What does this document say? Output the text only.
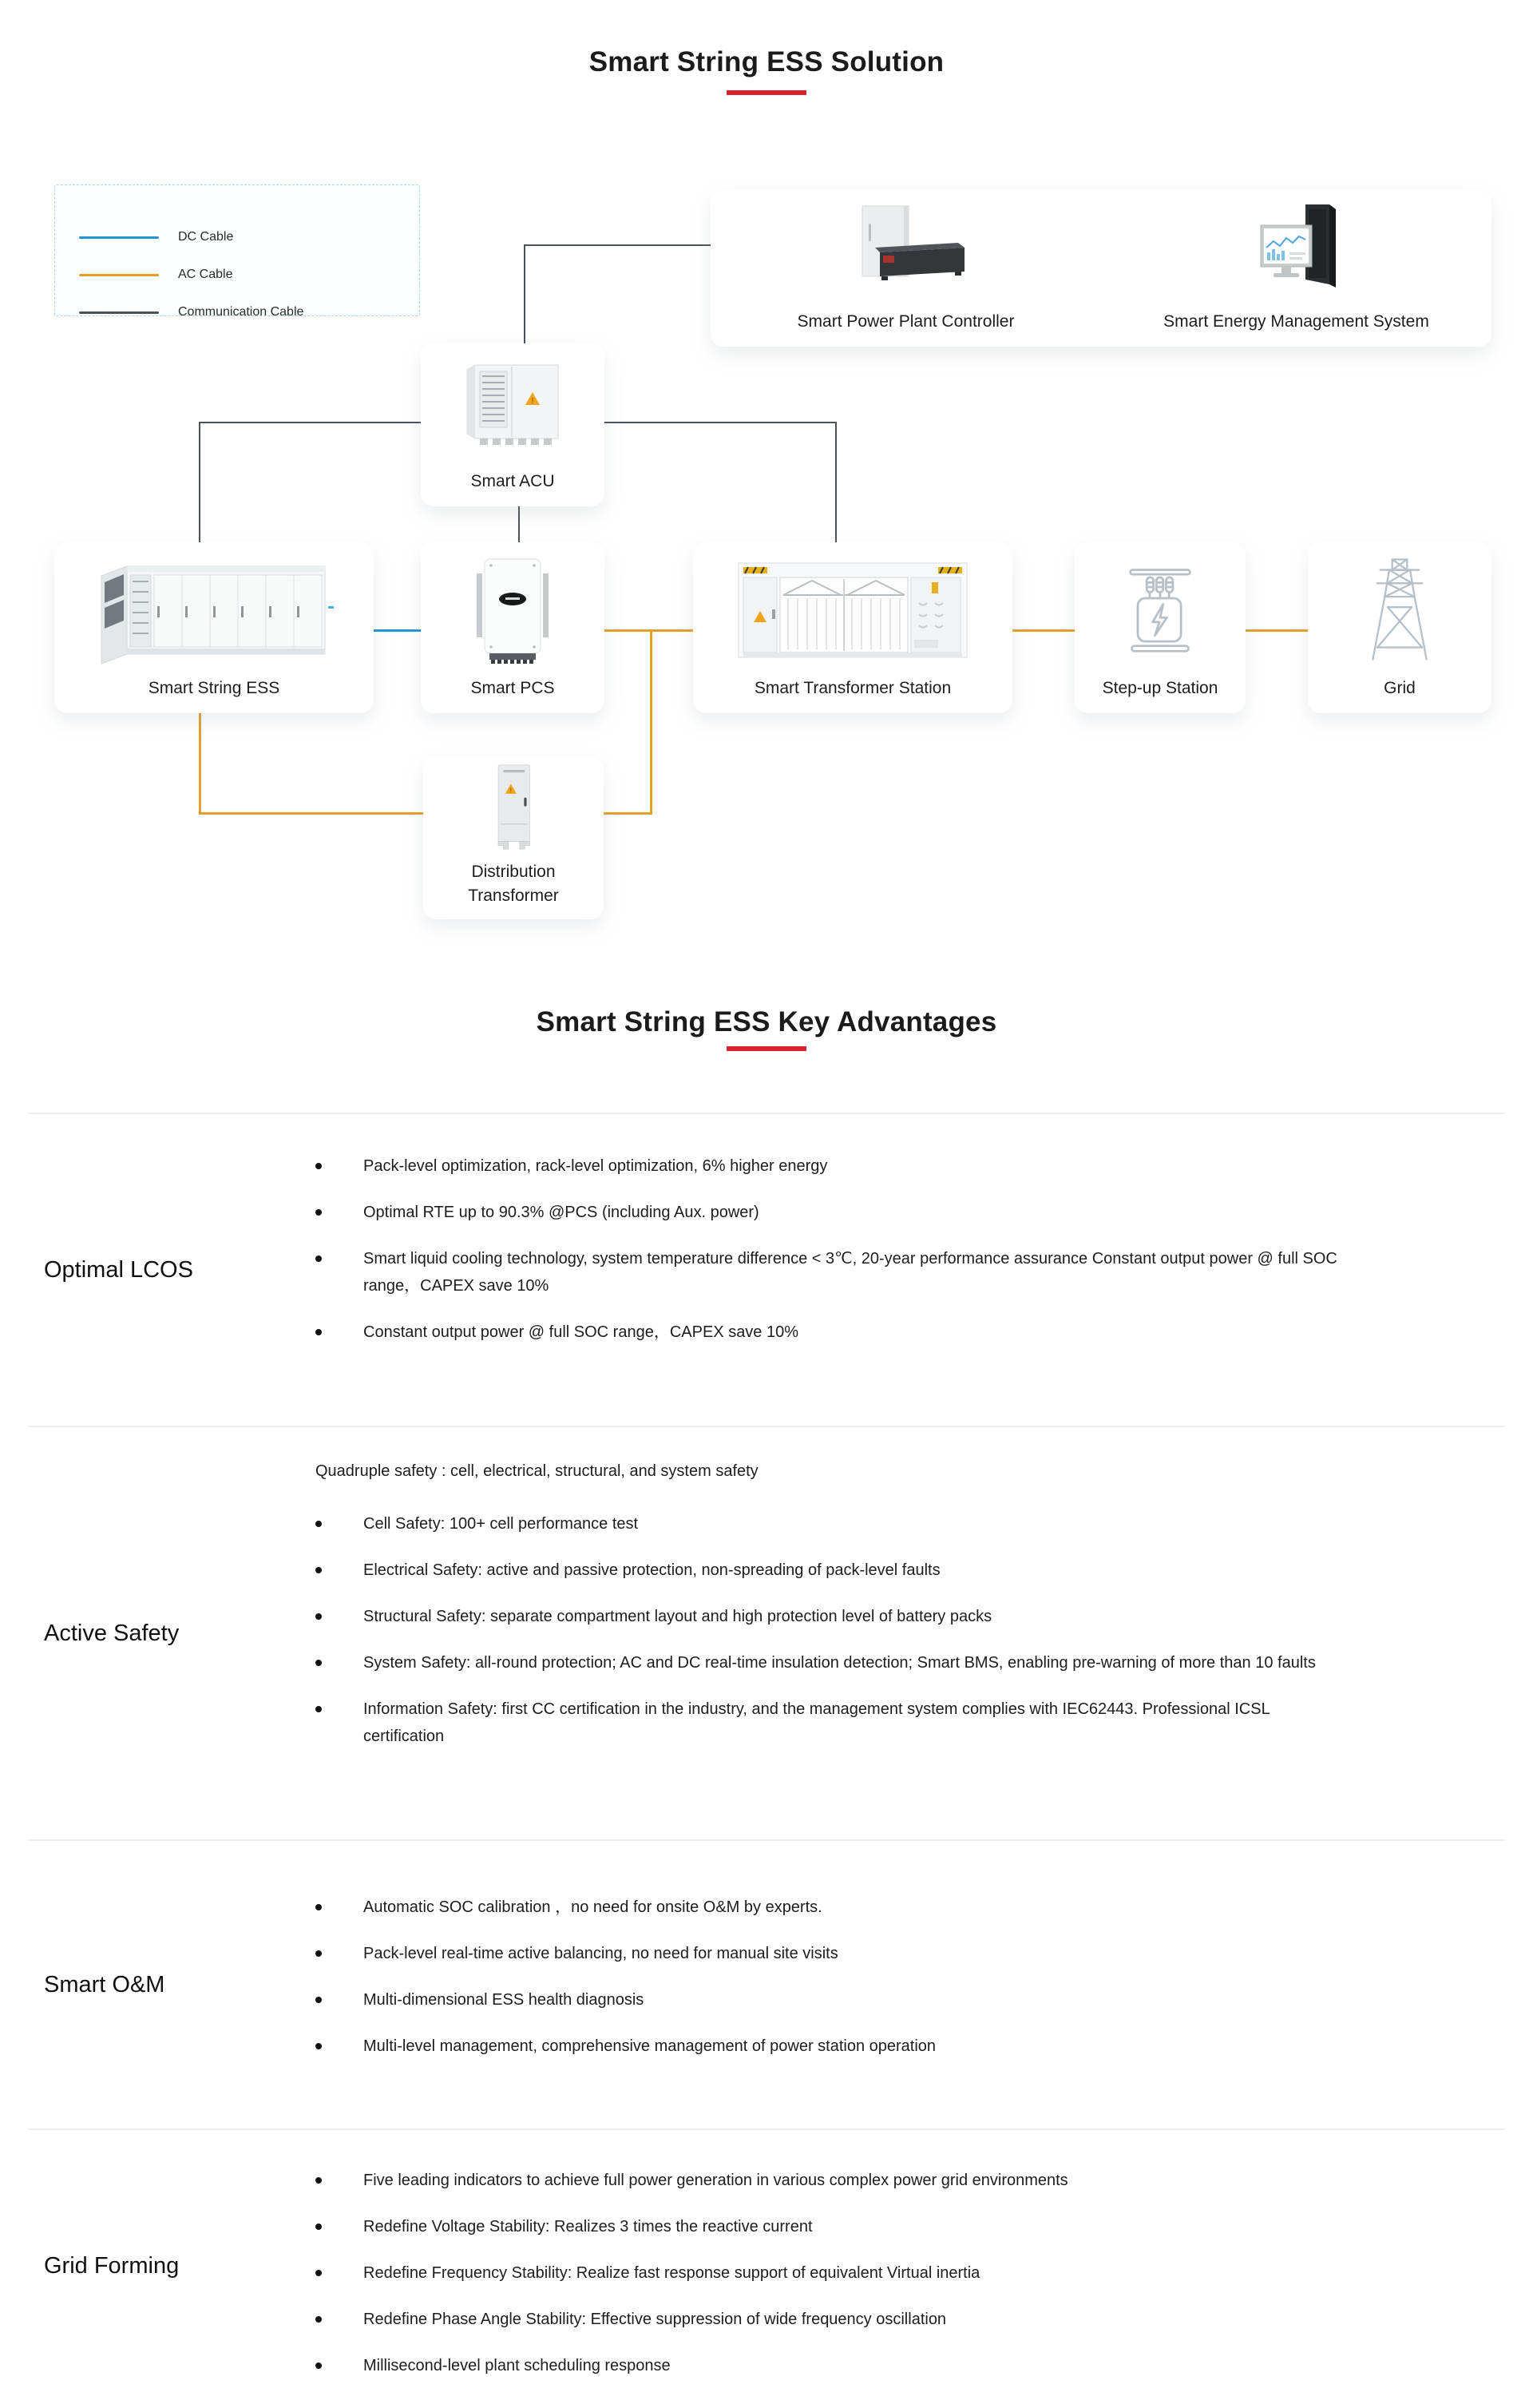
Smart String ESS Solution
DC Cable
AC Cable
Communication Cable
Smart Power Plant Controller	Smart Energy Management System
!
Smart ACU
Smart String ESS	Smart PCS	Smart Transformer Station	Step-up Station	Grid
!
Distribution
Transformer
Smart String ESS Key Advantages
Optimal LCOS
Pack-level optimization, rack-level optimization, 6% higher energy
Optimal RTE up to 90.3% @PCS (including Aux. power)
Smart liquid cooling technology, system temperature difference < 3℃, 20-year performance assurance Constant output power @ full SOC range，CAPEX save 10%
Constant output power @ full SOC range，CAPEX save 10%
Active Safety

Quadruple safety : cell, electrical, structural, and system safety

Cell Safety: 100+ cell performance test
Electrical Safety: active and passive protection, non-spreading of pack-level faults
Structural Safety: separate compartment layout and high protection level of battery packs
System Safety: all-round protection; AC and DC real-time insulation detection; Smart BMS, enabling pre-warning of more than 10 faults
Information Safety: first CC certification in the industry, and the management system complies with IEC62443. Professional ICSL certification
Smart O&M
Automatic SOC calibration ，no need for onsite O&M by experts.
Pack-level real-time active balancing, no need for manual site visits
Multi-dimensional ESS health diagnosis
Multi-level management, comprehensive management of power station operation
Grid Forming
Five leading indicators to achieve full power generation in various complex power grid environments
Redefine Voltage Stability: Realizes 3 times the reactive current
Redefine Frequency Stability: Realize fast response support of equivalent Virtual inertia
Redefine Phase Angle Stability: Effective suppression of wide frequency oscillation
Millisecond-level plant scheduling response
